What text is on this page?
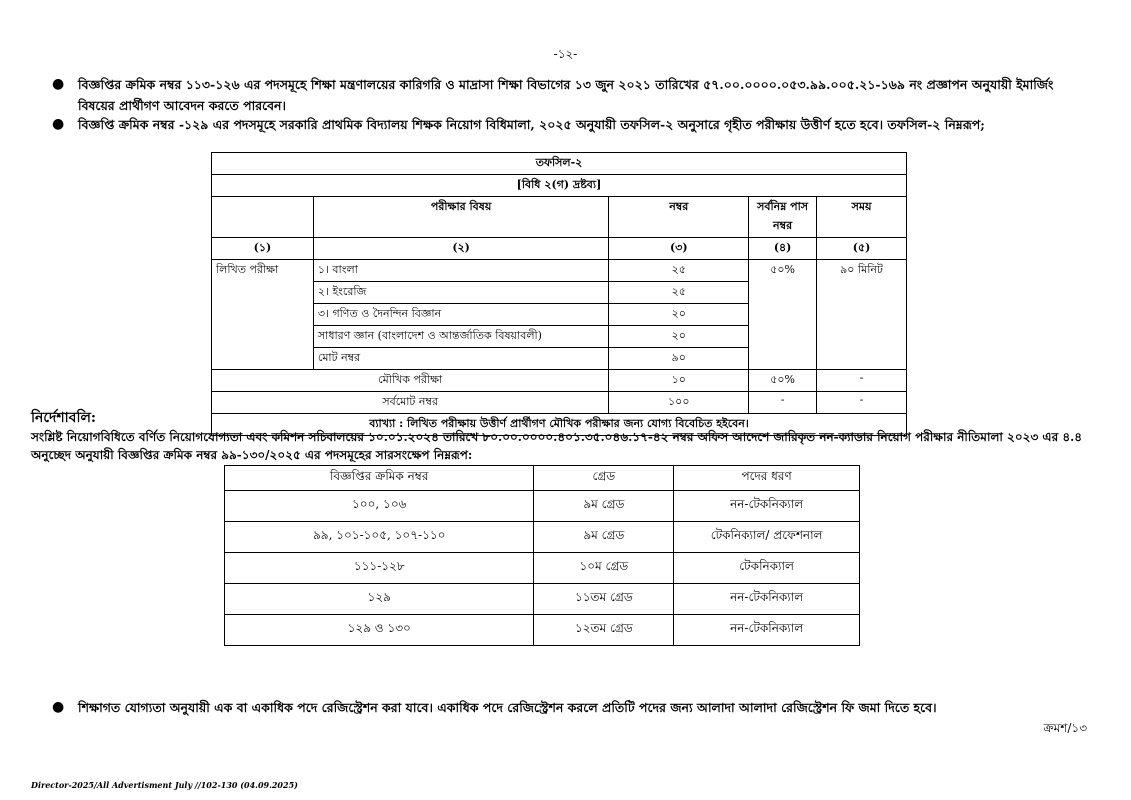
-১২-
● বিজ্ঞপ্তির ক্রমিক নম্বর ১১৩-১২৬ এর পদসমূহে শিক্ষা মন্ত্রণালয়ের কারিগরি ও মাদ্রাসা শিক্ষা বিভাগের ১৩ জুন ২০২১ তারিখের ৫৭.০০.০০০০.০৫৩.৯৯.০০৫.২১-১৬৯ নং প্রজ্ঞাপন অনুযায়ী ইমার্জিং বিষয়ের প্রার্থীগণ আবেদন করতে পারবেন।
● বিজ্ঞপ্তি ক্রমিক নম্বর -১২৯ এর পদসমূহে সরকারি প্রাথমিক বিদ্যালয় শিক্ষক নিয়োগ বিধিমালা, ২০২৫ অনুযায়ী তফসিল-২ অনুসারে গৃহীত পরীক্ষায় উত্তীর্ণ হতে হবে। তফসিল-২ নিম্নরূপ;
তফসিল-২				
[বিধি ২(গ) দ্রষ্টব্য]				
	পরীক্ষার বিষয়	নম্বর	সর্বনিম্ন পাস নম্বর	সময়
(১)	(২)	(৩)	(৪)	(৫)
লিখিত পরীক্ষা	১। বাংলা	২৫	৫০%	৯০ মিনিট
	২। ইংরেজি	২৫		
	৩। গণিত ও দৈনন্দিন বিজ্ঞান	২০		
	সাধারণ জ্ঞান (বাংলাদেশ ও আন্তর্জাতিক বিষয়াবলী)	২০		
	মোট নম্বর	৯০		
মৌখিক পরীক্ষা		১০	৫০%	-
সর্বমোট নম্বর		১০০	-	-
ব্যাখ্যা : লিখিত পরীক্ষায় উত্তীর্ণ প্রার্থীগণ মৌখিক পরীক্ষার জন্য যোগ্য বিবেচিত হইবেন।				
নির্দেশাবলি:
সংশ্লিষ্ট নিয়োগবিধিতে বর্ণিত নিয়োগযোগ্যতা এবং কমিশন সচিবালয়ের ১০.০১.২০২৪ তারিখে ৮০.০০.০০০০.৪০১.৩৫.০৪৬.১৭-৪২ নম্বর অফিস আদেশে জারিকৃত নন-ক্যাডার নিয়োগ পরীক্ষার নীতিমালা ২০২৩ এর ৪.৪ অনুচ্ছেদ অনুযায়ী বিজ্ঞপ্তির ক্রমিক নম্বর ৯৯-১৩০/২০২৫ এর পদসমূহের সারসংক্ষেপ নিম্নরূপ:
বিজ্ঞপ্তির ক্রমিক নম্বর	গ্রেড	পদের ধরণ
১০০, ১০৬	৯ম গ্রেড	নন-টেকনিক্যাল
৯৯, ১০১-১০৫, ১০৭-১১০	৯ম গ্রেড	টেকনিক্যাল/ প্রফেশনাল
১১১-১২৮	১০ম গ্রেড	টেকনিক্যাল
১২৯	১১তম গ্রেড	নন-টেকনিক্যাল
১২৯ ও ১৩০	১২তম গ্রেড	নন-টেকনিক্যাল
● শিক্ষাগত যোগ্যতা অনুযায়ী এক বা একাধিক পদে রেজিস্ট্রেশন করা যাবে। একাধিক পদে রেজিস্ট্রেশন করলে প্রতিটি পদের জন্য আলাদা আলাদা রেজিস্ট্রেশন ফি জমা দিতে হবে।
ক্রমশ/১৩
Director-2025/All Advertisment July //102-130 (04.09.2025)
